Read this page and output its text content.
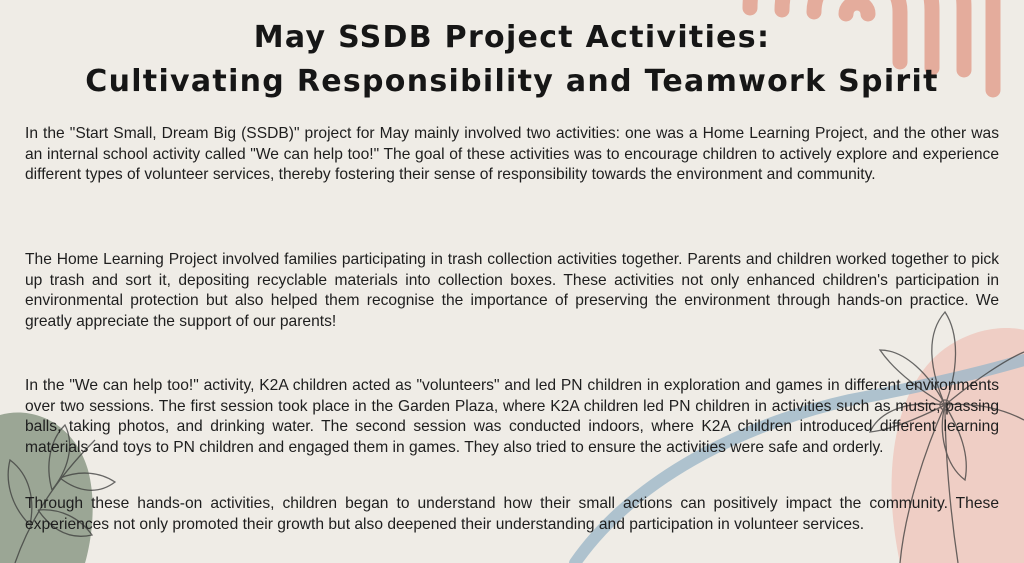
May SSDB Project Activities:
Cultivating Responsibility and Teamwork Spirit

In the "Start Small, Dream Big (SSDB)" project for May mainly involved two activities: one was a Home Learning Project, and the other was an internal school activity called "We can help too!" The goal of these activities was to encourage children to actively explore and experience different types of volunteer services, thereby fostering their sense of responsibility towards the environment and community.

The Home Learning Project involved families participating in trash collection activities together. Parents and children worked together to pick up trash and sort it, depositing recyclable materials into collection boxes. These activities not only enhanced children's participation in environmental protection but also helped them recognise the importance of preserving the environment through hands-on practice. We greatly appreciate the support of our parents!

In the "We can help too!" activity, K2A children acted as "volunteers" and led PN children in exploration and games in different environments over two sessions. The first session took place in the Garden Plaza, where K2A children led PN children in activities such as music, passing balls, taking photos, and drinking water. The second session was conducted indoors, where K2A children introduced different learning materials and toys to PN children and engaged them in games. They also tried to ensure the activities were safe and orderly.

Through these hands-on activities, children began to understand how their small actions can positively impact the community. These experiences not only promoted their growth but also deepened their understanding and participation in volunteer services.
